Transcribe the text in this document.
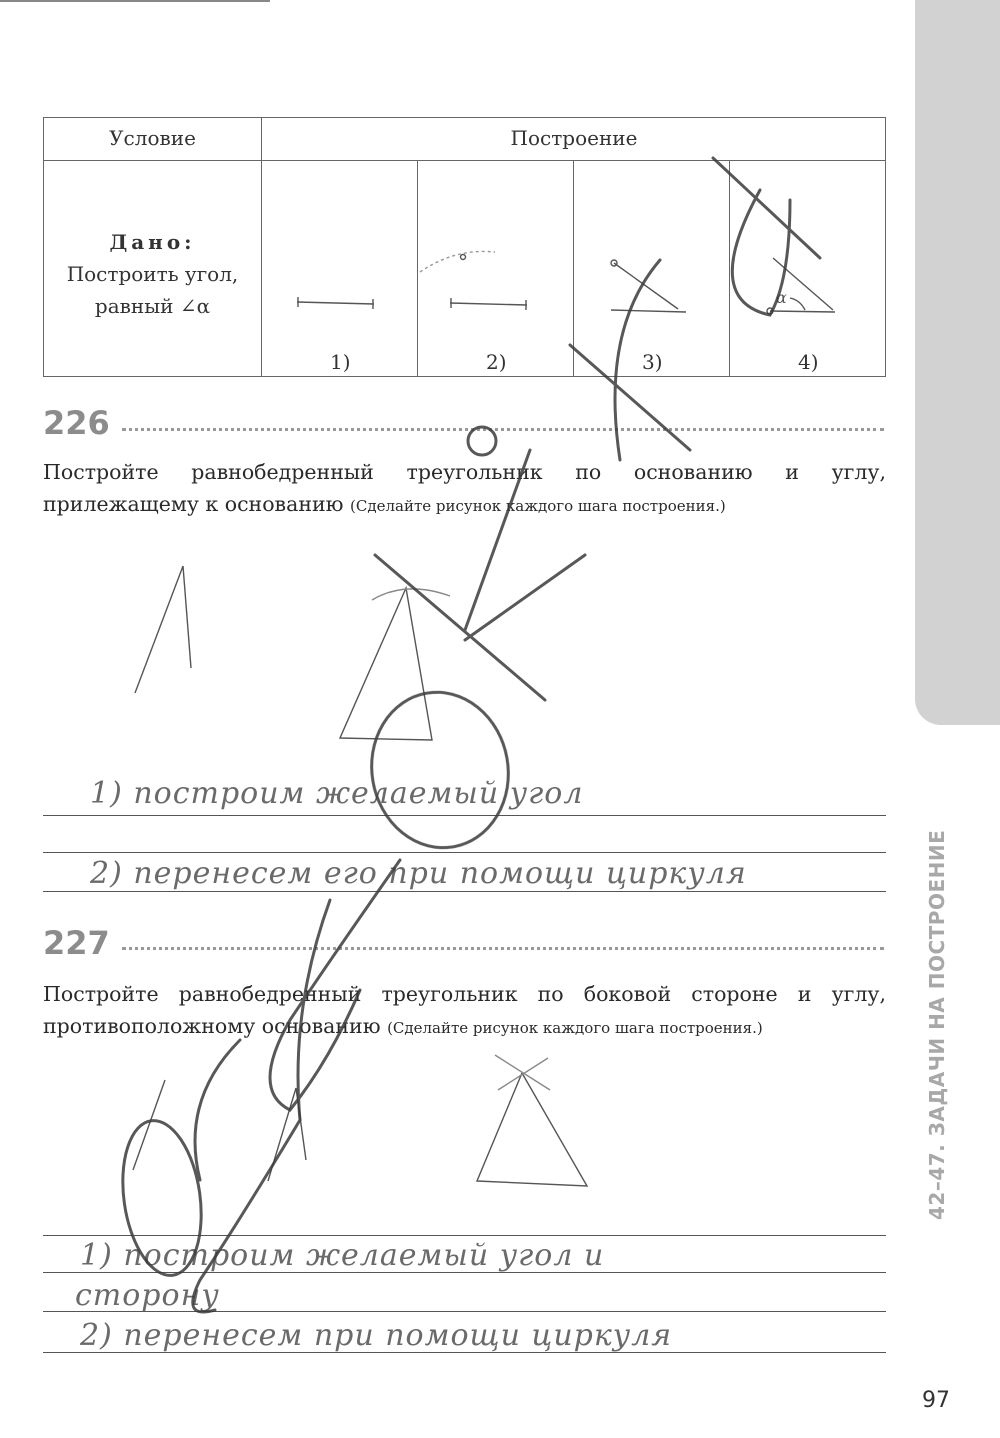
42–47. ЗАДАЧИ НА ПОСТРОЕНИЕ
97
Условие	Построение
Дано:
Построить угол,
равный ∠α
1)	2)	3)	4)
226
Постройте равнобедренный треугольник по основанию и углу, прилежащему к основанию (Сделайте рисунок каждого шага построения.)
227
Постройте равнобедренный треугольник по боковой стороне и углу, противоположному основанию (Сделайте рисунок каждого шага построения.)
1) построим желаемый угол
2) перенесем его при помощи циркуля
1) построим желаемый угол и
сторону
2) перенесем при помощи циркуля
α
